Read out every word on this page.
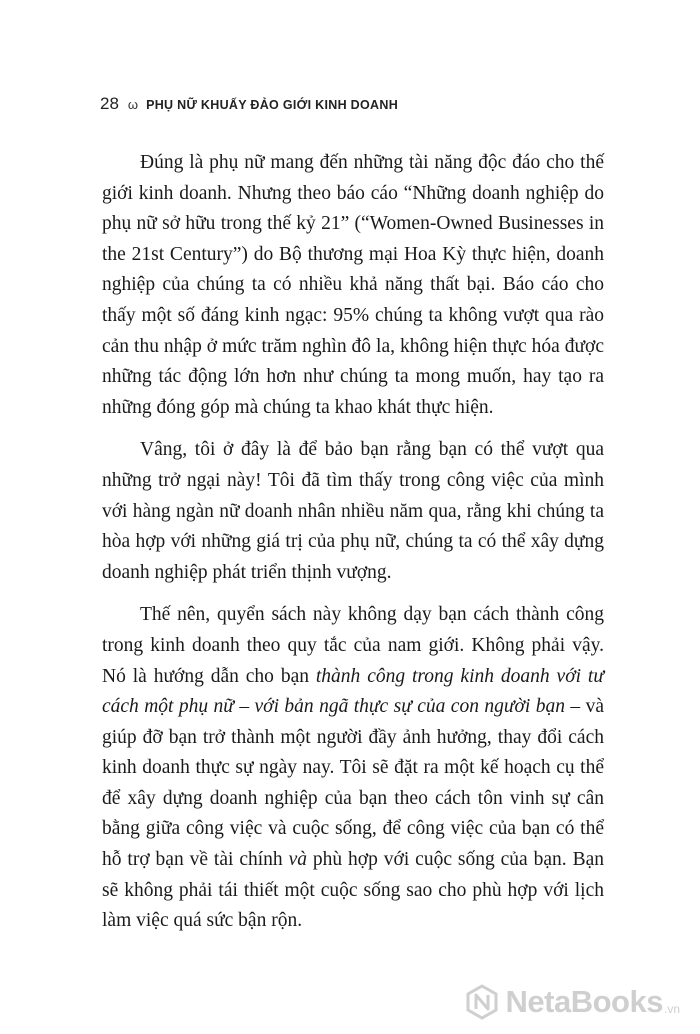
28 ω PHỤ NỮ KHUẤY ĐẢO GIỚI KINH DOANH

Đúng là phụ nữ mang đến những tài năng độc đáo cho thế giới kinh doanh. Nhưng theo báo cáo “Những doanh nghiệp do phụ nữ sở hữu trong thế kỷ 21” (“Women-Owned Businesses in the 21st Century”) do Bộ thương mại Hoa Kỳ thực hiện, doanh nghiệp của chúng ta có nhiều khả năng thất bại. Báo cáo cho thấy một số đáng kinh ngạc: 95% chúng ta không vượt qua rào cản thu nhập ở mức trăm nghìn đô la, không hiện thực hóa được những tác động lớn hơn như chúng ta mong muốn, hay tạo ra những đóng góp mà chúng ta khao khát thực hiện.

Vâng, tôi ở đây là để bảo bạn rằng bạn có thể vượt qua những trở ngại này! Tôi đã tìm thấy trong công việc của mình với hàng ngàn nữ doanh nhân nhiều năm qua, rằng khi chúng ta hòa hợp với những giá trị của phụ nữ, chúng ta có thể xây dựng doanh nghiệp phát triển thịnh vượng.

Thế nên, quyển sách này không dạy bạn cách thành công trong kinh doanh theo quy tắc của nam giới. Không phải vậy. Nó là hướng dẫn cho bạn thành công trong kinh doanh với tư cách một phụ nữ – với bản ngã thực sự của con người bạn – và giúp đỡ bạn trở thành một người đầy ảnh hưởng, thay đổi cách kinh doanh thực sự ngày nay. Tôi sẽ đặt ra một kế hoạch cụ thể để xây dựng doanh nghiệp của bạn theo cách tôn vinh sự cân bằng giữa công việc và cuộc sống, để công việc của bạn có thể hỗ trợ bạn về tài chính và phù hợp với cuộc sống của bạn. Bạn sẽ không phải tái thiết một cuộc sống sao cho phù hợp với lịch làm việc quá sức bận rộn.

NetaBooks .vn
